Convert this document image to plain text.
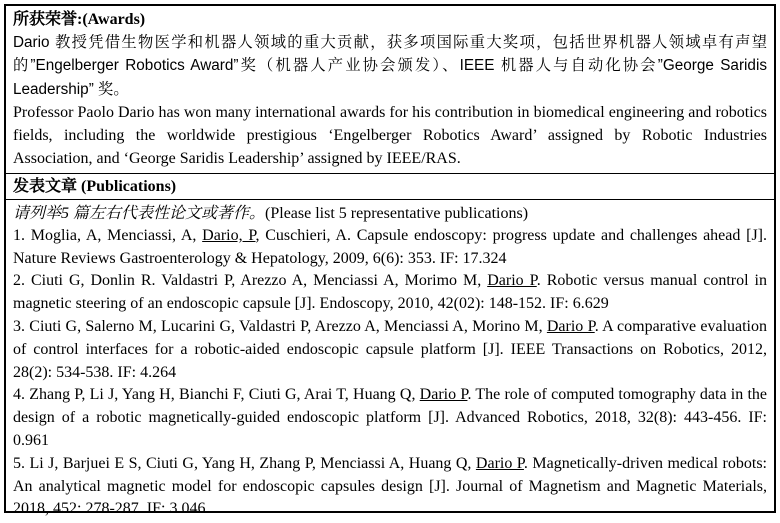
所获荣誉:(Awards)

Dario 教授凭借生物医学和机器人领域的重大贡献，获多项国际重大奖项，包括世界机器人领域卓有声望的”Engelberger Robotics Award”奖（机器人产业协会颁发）、IEEE 机器人与自动化协会”George Saridis Leadership” 奖。

Professor Paolo Dario has won many international awards for his contribution in biomedical engineering and robotics fields, including the worldwide prestigious ‘Engelberger Robotics Award’ assigned by Robotic Industries Association, and ‘George Saridis Leadership’ assigned by IEEE/RAS.

发表文章 (Publications)

请列举5 篇左右代表性论文或著作。(Please list 5 representative publications)

1. Moglia, A, Menciassi, A, Dario, P, Cuschieri, A. Capsule endoscopy: progress update and challenges ahead [J]. Nature Reviews Gastroenterology & Hepatology, 2009, 6(6): 353. IF: 17.324

2. Ciuti G, Donlin R. Valdastri P, Arezzo A, Menciassi A, Morimo M, Dario P. Robotic versus manual control in magnetic steering of an endoscopic capsule [J]. Endoscopy, 2010, 42(02): 148-152. IF: 6.629

3. Ciuti G, Salerno M, Lucarini G, Valdastri P, Arezzo A, Menciassi A, Morino M, Dario P. A comparative evaluation of control interfaces for a robotic-aided endoscopic capsule platform [J]. IEEE Transactions on Robotics, 2012, 28(2): 534-538. IF: 4.264

4. Zhang P, Li J, Yang H, Bianchi F, Ciuti G, Arai T, Huang Q, Dario P. The role of computed tomography data in the design of a robotic magnetically-guided endoscopic platform [J]. Advanced Robotics, 2018, 32(8): 443-456. IF: 0.961

5. Li J, Barjuei E S, Ciuti G, Yang H, Zhang P, Menciassi A, Huang Q, Dario P. Magnetically-driven medical robots: An analytical magnetic model for endoscopic capsules design [J]. Journal of Magnetism and Magnetic Materials, 2018, 452: 278-287. IF: 3.046
